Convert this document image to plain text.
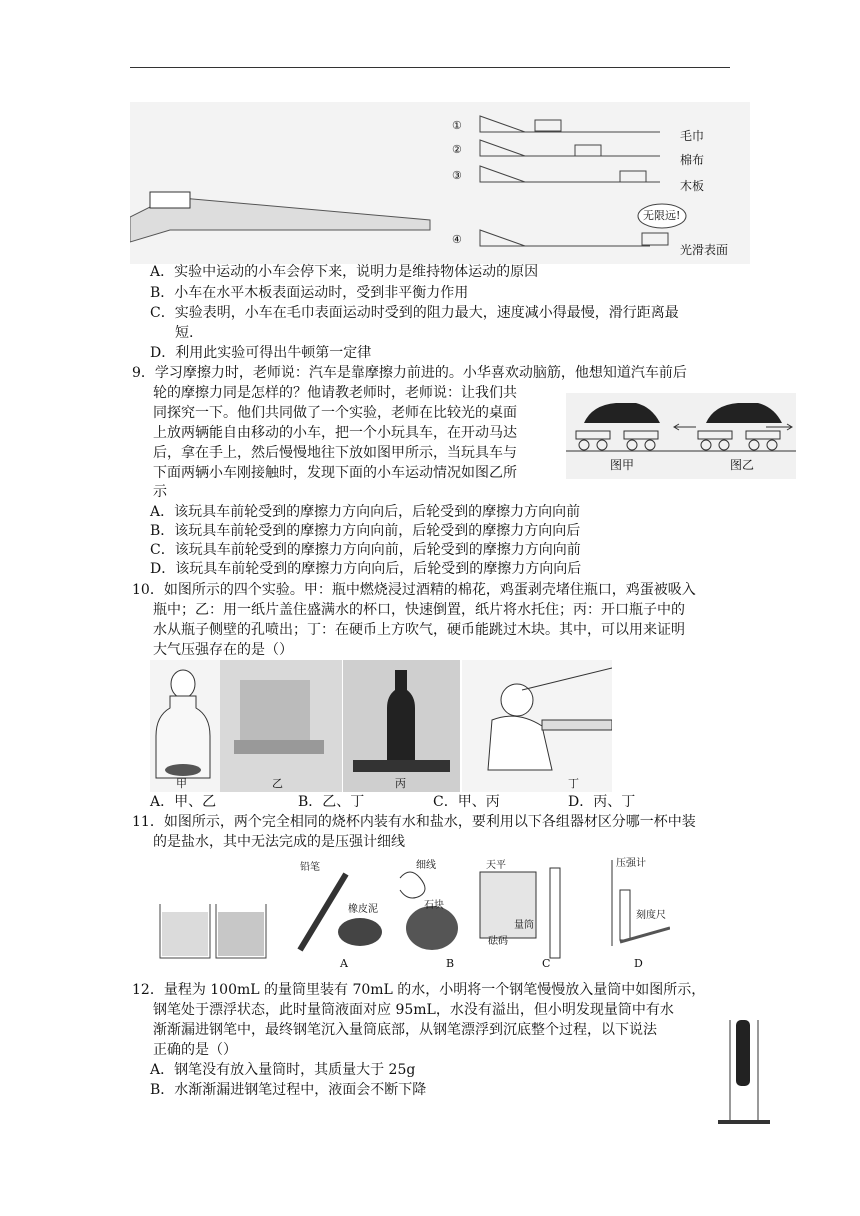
①
②
③
④
毛巾
棉布
木板
光滑表面
无限远!
A．实验中运动的小车会停下来，说明力是维持物体运动的原因
B．小车在水平木板表面运动时，受到非平衡力作用
C．实验表明，小车在毛巾表面运动时受到的阻力最大，速度减小得最慢，滑行距离最
短.
D．利用此实验可得出牛顿第一定律
9．学习摩擦力时，老师说：汽车是靠摩擦力前进的。小华喜欢动脑筋，他想知道汽车前后
轮的摩擦力同是怎样的？他请教老师时，老师说：让我们共
同探究一下。他们共同做了一个实验，老师在比较光的桌面
上放两辆能自由移动的小车，把一个小玩具车，在开动马达
后，拿在手上，然后慢慢地往下放如图甲所示，当玩具车与
下面两辆小车刚接触时，发现下面的小车运动情况如图乙所
示
图甲	图乙
A．该玩具车前轮受到的摩擦力方向向后，后轮受到的摩擦力方向向前
B．该玩具车前轮受到的摩擦力方向向前，后轮受到的摩擦力方向向后
C．该玩具车前轮受到的摩擦力方向向前，后轮受到的摩擦力方向向前
D．该玩具车前轮受到的摩擦力方向向后，后轮受到的摩擦力方向向后
10．如图所示的四个实验。甲：瓶中燃烧浸过酒精的棉花，鸡蛋剥壳堵住瓶口，鸡蛋被吸入
瓶中；乙：用一纸片盖住盛满水的杯口，快速倒置，纸片将水托住；丙：开口瓶子中的
水从瓶子侧壁的孔喷出；丁：在硬币上方吹气，硬币能跳过木块。其中，可以用来证明
大气压强存在的是（）
甲	乙	丙	丁
A．甲、乙	B．乙、丁	C．甲、丙	D．丙、丁
11．如图所示，两个完全相同的烧杯内装有水和盐水，要利用以下各组器材区分哪一杯中装
的是盐水，其中无法完成的是压强计细线
铅笔
橡皮泥
细线
石块
天平
量筒
砝码
压强计
刻度尺
A	B	C	D
12．量程为 100mL 的量筒里装有 70mL 的水，小明将一个钢笔慢慢放入量筒中如图所示，
钢笔处于漂浮状态，此时量筒液面对应 95mL，水没有溢出，但小明发现量筒中有水
渐渐漏进钢笔中，最终钢笔沉入量筒底部，从钢笔漂浮到沉底整个过程，以下说法
正确的是（）
A．钢笔没有放入量筒时，其质量大于 25g
B．水渐渐漏进钢笔过程中，液面会不断下降
